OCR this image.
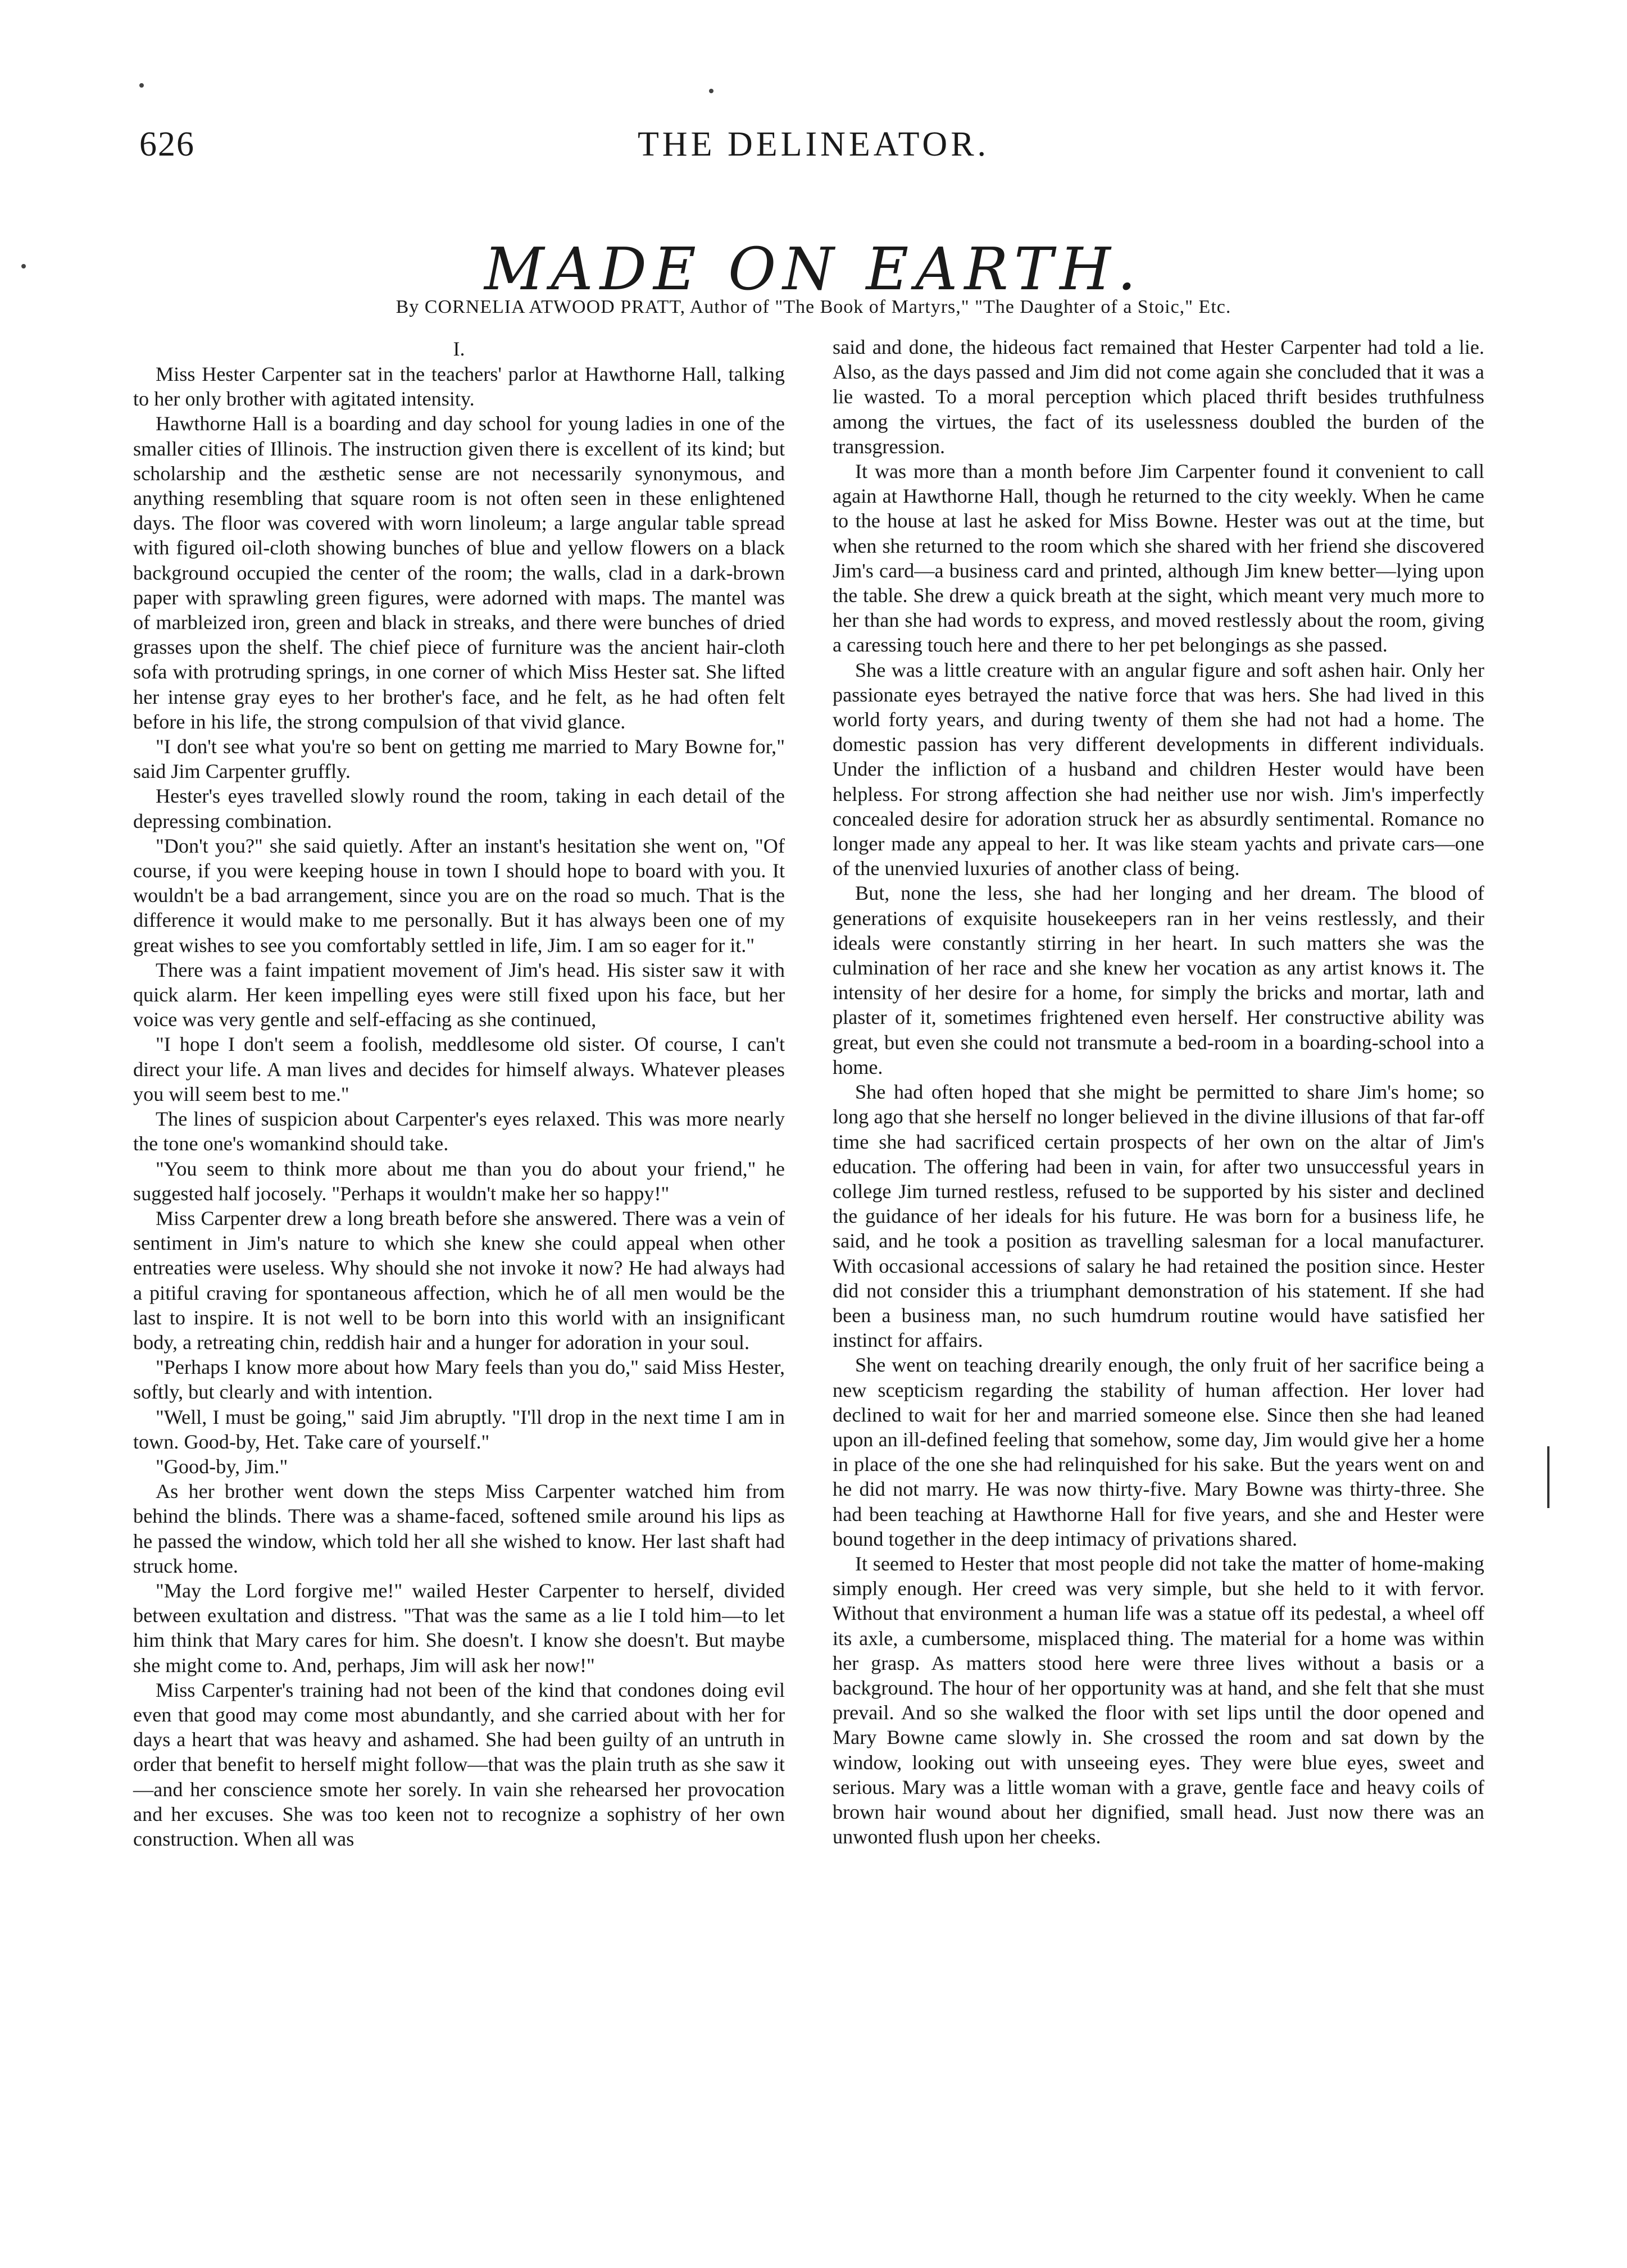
626	THE DELINEATOR.
MADE ON EARTH.
By CORNELIA ATWOOD PRATT, Author of "The Book of Martyrs," "The Daughter of a Stoic," Etc.
I.

Miss Hester Carpenter sat in the teachers' parlor at Hawthorne Hall, talking to her only brother with agitated intensity.

Hawthorne Hall is a boarding and day school for young ladies in one of the smaller cities of Illinois. The instruction given there is excellent of its kind; but scholarship and the æsthetic sense are not necessarily synonymous, and anything resembling that square room is not often seen in these enlightened days. The floor was covered with worn linoleum; a large angular table spread with figured oil-cloth showing bunches of blue and yellow flowers on a black background occupied the center of the room; the walls, clad in a dark-brown paper with sprawling green figures, were adorned with maps. The mantel was of marbleized iron, green and black in streaks, and there were bunches of dried grasses upon the shelf. The chief piece of furniture was the ancient hair-cloth sofa with protruding springs, in one corner of which Miss Hester sat. She lifted her intense gray eyes to her brother's face, and he felt, as he had often felt before in his life, the strong compulsion of that vivid glance.

"I don't see what you're so bent on getting me married to Mary Bowne for," said Jim Carpenter gruffly.

Hester's eyes travelled slowly round the room, taking in each detail of the depressing combination.

"Don't you?" she said quietly. After an instant's hesitation she went on, "Of course, if you were keeping house in town I should hope to board with you. It wouldn't be a bad arrangement, since you are on the road so much. That is the difference it would make to me personally. But it has always been one of my great wishes to see you comfortably settled in life, Jim. I am so eager for it."

There was a faint impatient movement of Jim's head. His sister saw it with quick alarm. Her keen impelling eyes were still fixed upon his face, but her voice was very gentle and self-effacing as she continued,

"I hope I don't seem a foolish, meddlesome old sister. Of course, I can't direct your life. A man lives and decides for himself always. Whatever pleases you will seem best to me."

The lines of suspicion about Carpenter's eyes relaxed. This was more nearly the tone one's womankind should take.

"You seem to think more about me than you do about your friend," he suggested half jocosely. "Perhaps it wouldn't make her so happy!"

Miss Carpenter drew a long breath before she answered. There was a vein of sentiment in Jim's nature to which she knew she could appeal when other entreaties were useless. Why should she not invoke it now? He had always had a pitiful craving for spontaneous affection, which he of all men would be the last to inspire. It is not well to be born into this world with an insignificant body, a retreating chin, reddish hair and a hunger for adoration in your soul.

"Perhaps I know more about how Mary feels than you do," said Miss Hester, softly, but clearly and with intention.

"Well, I must be going," said Jim abruptly. "I'll drop in the next time I am in town. Good-by, Het. Take care of yourself."

"Good-by, Jim."

As her brother went down the steps Miss Carpenter watched him from behind the blinds. There was a shame-faced, softened smile around his lips as he passed the window, which told her all she wished to know. Her last shaft had struck home.

"May the Lord forgive me!" wailed Hester Carpenter to herself, divided between exultation and distress. "That was the same as a lie I told him—to let him think that Mary cares for him. She doesn't. I know she doesn't. But maybe she might come to. And, perhaps, Jim will ask her now!"

Miss Carpenter's training had not been of the kind that condones doing evil even that good may come most abundantly, and she carried about with her for days a heart that was heavy and ashamed. She had been guilty of an untruth in order that benefit to herself might follow—that was the plain truth as she saw it —and her conscience smote her sorely. In vain she rehearsed her provocation and her excuses. She was too keen not to recognize a sophistry of her own construction. When all was

said and done, the hideous fact remained that Hester Carpenter had told a lie. Also, as the days passed and Jim did not come again she concluded that it was a lie wasted. To a moral perception which placed thrift besides truthfulness among the virtues, the fact of its uselessness doubled the burden of the transgression.

It was more than a month before Jim Carpenter found it convenient to call again at Hawthorne Hall, though he returned to the city weekly. When he came to the house at last he asked for Miss Bowne. Hester was out at the time, but when she returned to the room which she shared with her friend she discovered Jim's card—a business card and printed, although Jim knew better—lying upon the table. She drew a quick breath at the sight, which meant very much more to her than she had words to express, and moved restlessly about the room, giving a caressing touch here and there to her pet belongings as she passed.

She was a little creature with an angular figure and soft ashen hair. Only her passionate eyes betrayed the native force that was hers. She had lived in this world forty years, and during twenty of them she had not had a home. The domestic passion has very different developments in different individuals. Under the infliction of a husband and children Hester would have been helpless. For strong affection she had neither use nor wish. Jim's imperfectly concealed desire for adoration struck her as absurdly sentimental. Romance no longer made any appeal to her. It was like steam yachts and private cars—one of the unenvied luxuries of another class of being.

But, none the less, she had her longing and her dream. The blood of generations of exquisite housekeepers ran in her veins restlessly, and their ideals were constantly stirring in her heart. In such matters she was the culmination of her race and she knew her vocation as any artist knows it. The intensity of her desire for a home, for simply the bricks and mortar, lath and plaster of it, sometimes frightened even herself. Her constructive ability was great, but even she could not transmute a bed-room in a boarding-school into a home.

She had often hoped that she might be permitted to share Jim's home; so long ago that she herself no longer believed in the divine illusions of that far-off time she had sacrificed certain prospects of her own on the altar of Jim's education. The offering had been in vain, for after two unsuccessful years in college Jim turned restless, refused to be supported by his sister and declined the guidance of her ideals for his future. He was born for a business life, he said, and he took a position as travelling salesman for a local manufacturer. With occasional accessions of salary he had retained the position since. Hester did not consider this a triumphant demonstration of his statement. If she had been a business man, no such humdrum routine would have satisfied her instinct for affairs.

She went on teaching drearily enough, the only fruit of her sacrifice being a new scepticism regarding the stability of human affection. Her lover had declined to wait for her and married someone else. Since then she had leaned upon an ill-defined feeling that somehow, some day, Jim would give her a home in place of the one she had relinquished for his sake. But the years went on and he did not marry. He was now thirty-five. Mary Bowne was thirty-three. She had been teaching at Hawthorne Hall for five years, and she and Hester were bound together in the deep intimacy of privations shared.

It seemed to Hester that most people did not take the matter of home-making simply enough. Her creed was very simple, but she held to it with fervor. Without that environment a human life was a statue off its pedestal, a wheel off its axle, a cumbersome, misplaced thing. The material for a home was within her grasp. As matters stood here were three lives without a basis or a background. The hour of her opportunity was at hand, and she felt that she must prevail. And so she walked the floor with set lips until the door opened and Mary Bowne came slowly in. She crossed the room and sat down by the window, looking out with unseeing eyes. They were blue eyes, sweet and serious. Mary was a little woman with a grave, gentle face and heavy coils of brown hair wound about her dignified, small head. Just now there was an unwonted flush upon her cheeks.
